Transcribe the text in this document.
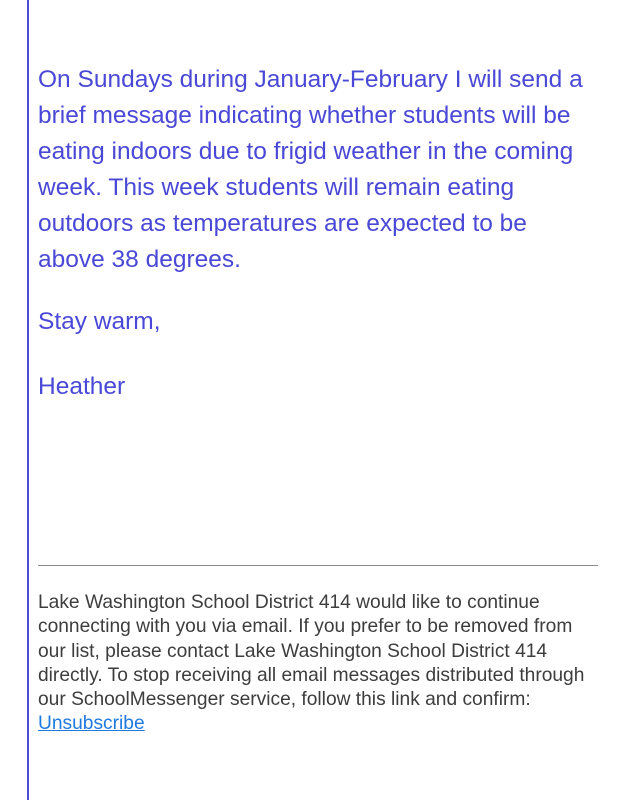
On Sundays during January-February I will send a brief message indicating whether students will be eating indoors due to frigid weather in the coming week. This week students will remain eating outdoors as temperatures are expected to be above 38 degrees.

Stay warm,

Heather

Lake Washington School District 414 would like to continue connecting with you via email. If you prefer to be removed from our list, please contact Lake Washington School District 414 directly. To stop receiving all email messages distributed through our SchoolMessenger service, follow this link and confirm:

Unsubscribe
